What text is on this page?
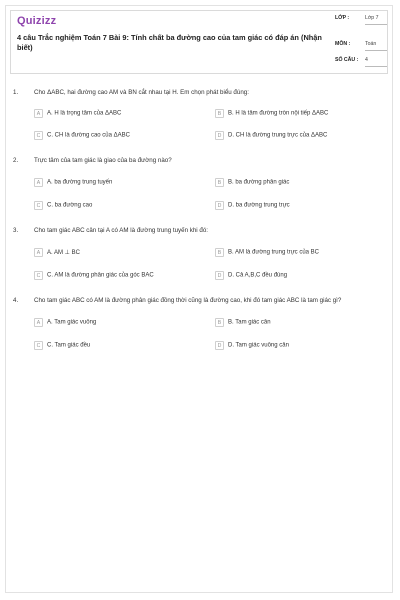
Quizizz
4 câu Trắc nghiệm Toán 7 Bài 9: Tính chất ba đường cao của tam giác có đáp án (Nhận biết)
LỚP :	Lớp 7
MÔN :	Toán
SỐ CÂU : 4
1.	Cho ΔABC, hai đường cao AM và BN cắt nhau tại H. Em chọn phát biểu đúng:
A A. H là trọng tâm của ΔABC	B B. H là tâm đường tròn nội tiếp ΔABC
C C. CH là đường cao của ΔABC	D D. CH là đường trung trực của ΔABC
2.	Trực tâm của tam giác là giao của ba đường nào?
A A. ba đường trung tuyến	B B. ba đường phân giác
C C. ba đường cao	D D. ba đường trung trực
3.	Cho tam giác ABC cân tại A có AM là đường trung tuyến khi đó:
A A. AM ⊥ BC	B B. AM là đường trung trực của BC
C C. AM là đường phân giác của góc BAC	D D. Cả A,B,C đều đúng
4.	Cho tam giác ABC có AM là đường phân giác đồng thời cũng là đường cao, khi đó tam giác ABC là tam giác gì?
A A. Tam giác vuông	B B. Tam giác cân
C C. Tam giác đều	D D. Tam giác vuông cân
